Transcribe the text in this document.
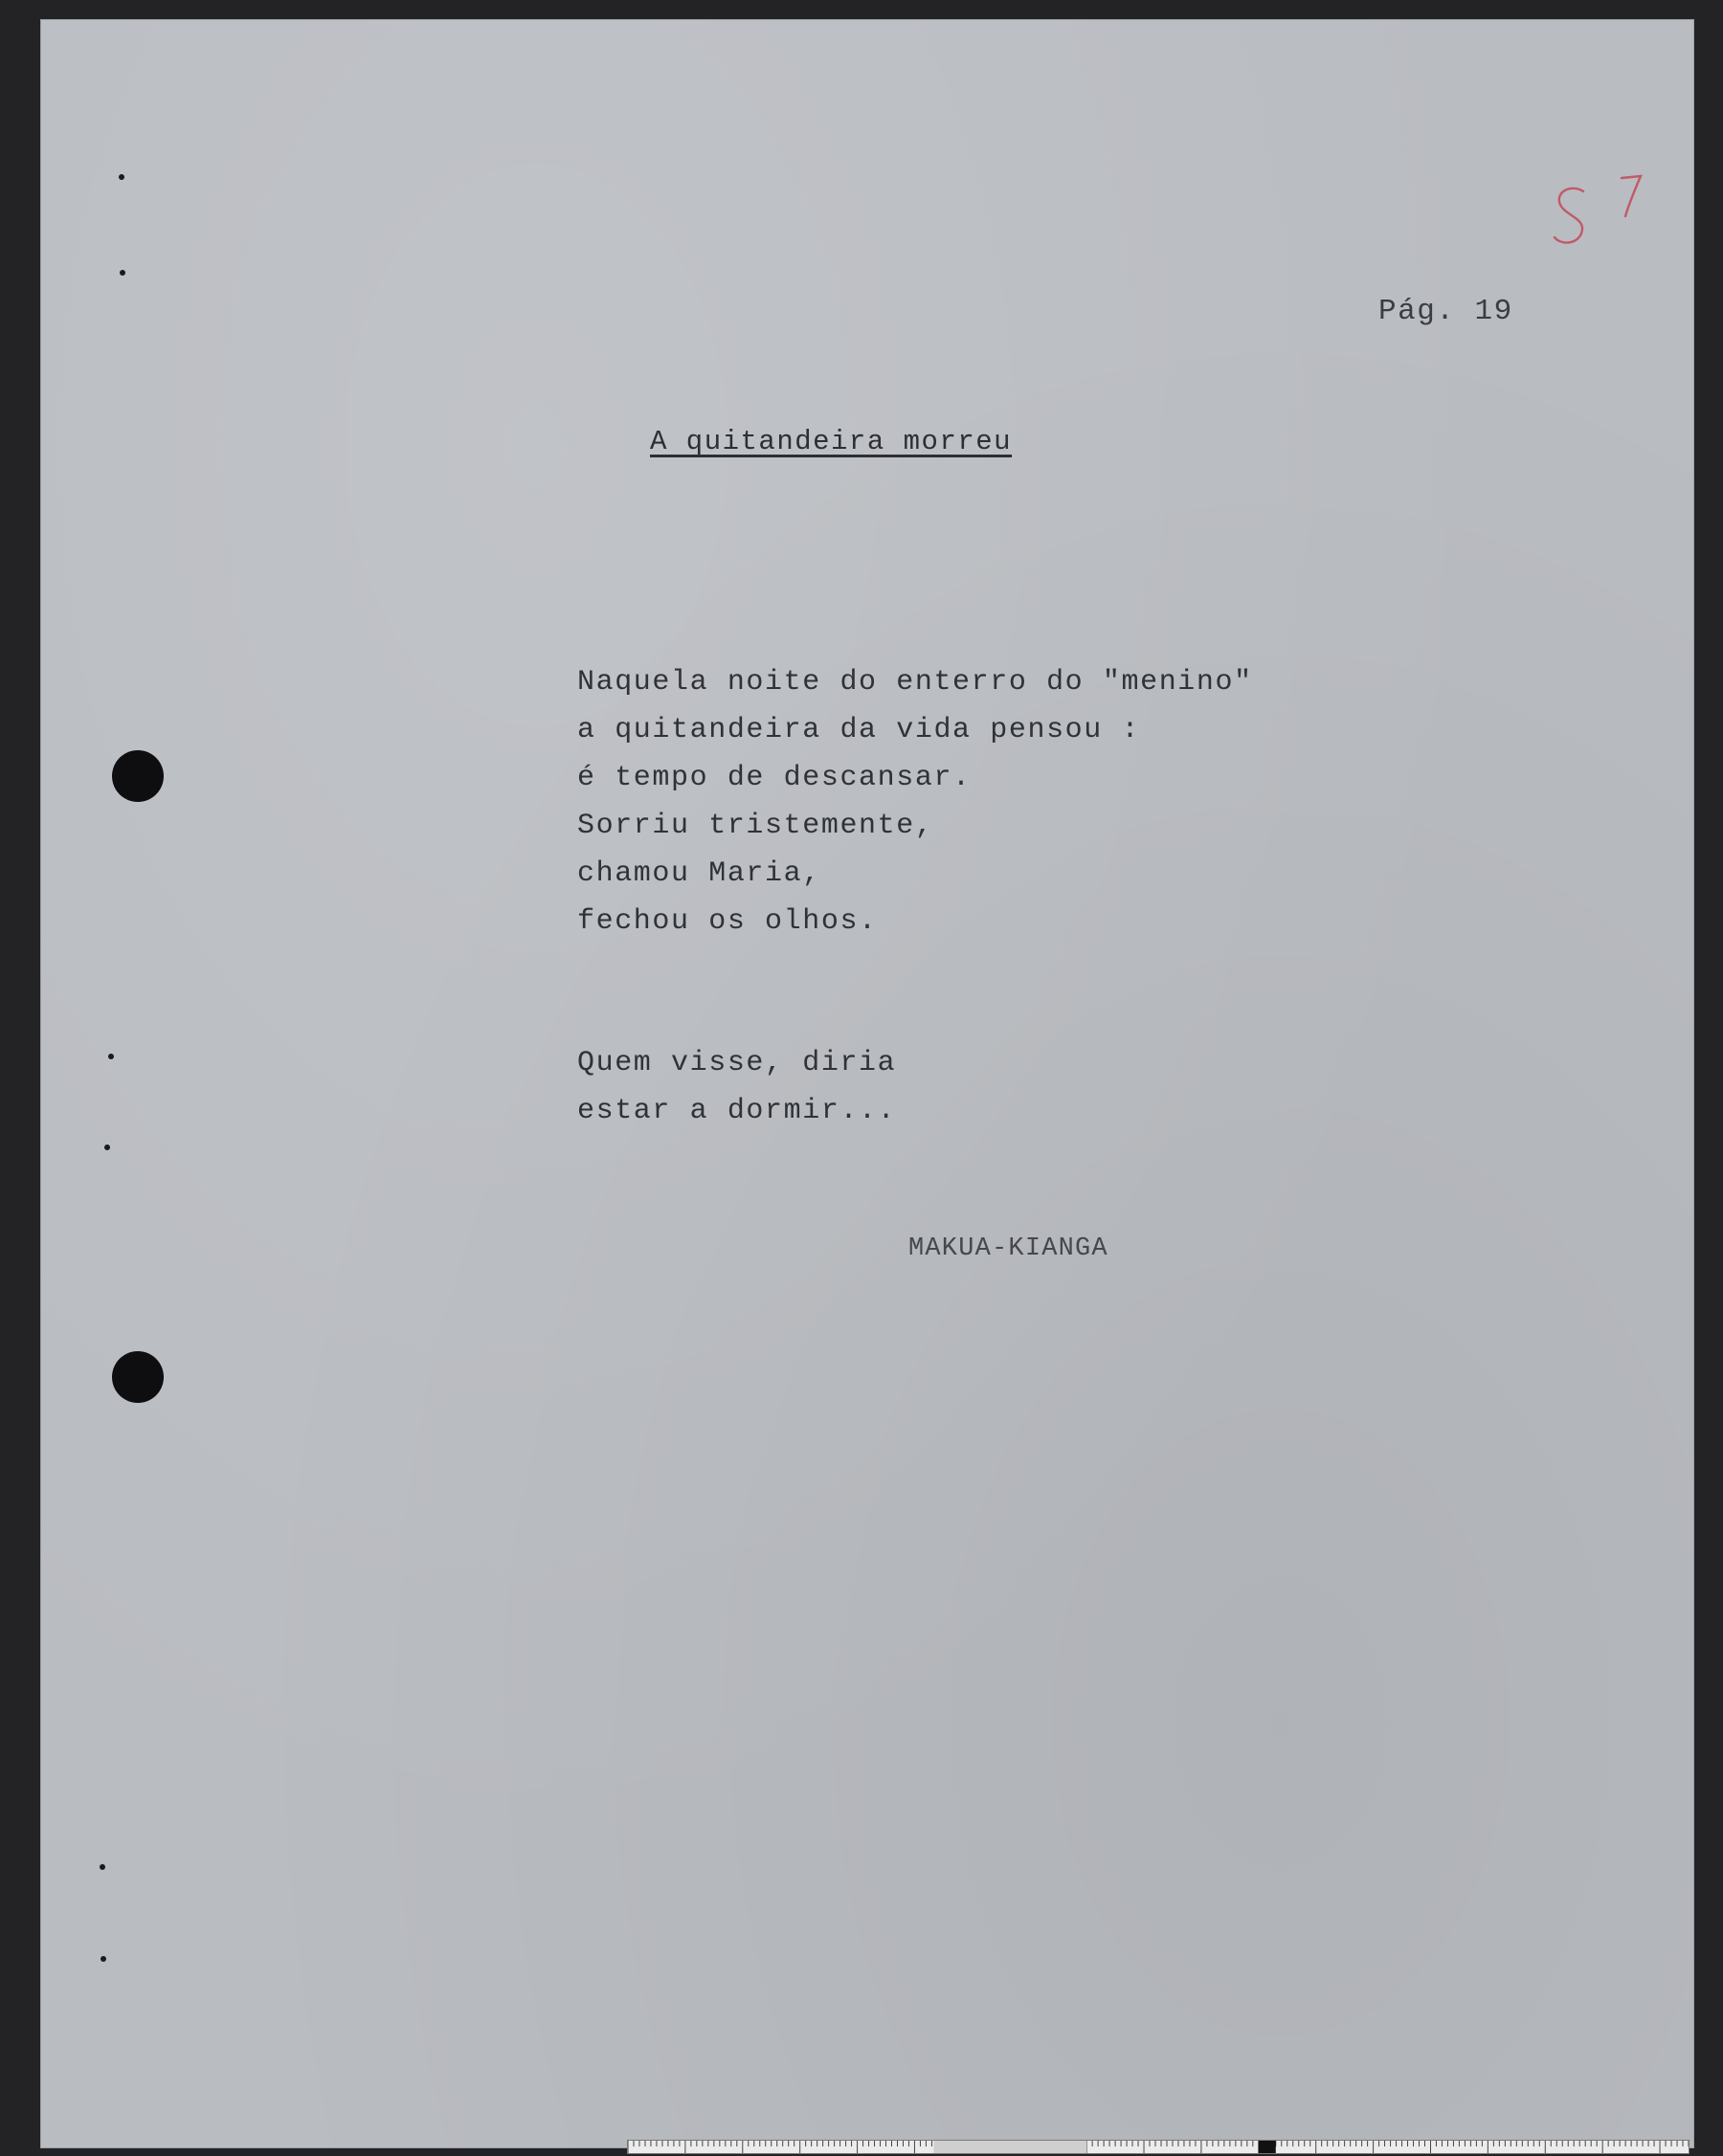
Pág. 19
A quitandeira morreu
Naquela noite do enterro do "menino"
a quitandeira da vida pensou :
é tempo de descansar.
Sorriu tristemente,
chamou Maria,
fechou os olhos.
Quem visse, diria
estar a dormir...
MAKUA-KIANGA
